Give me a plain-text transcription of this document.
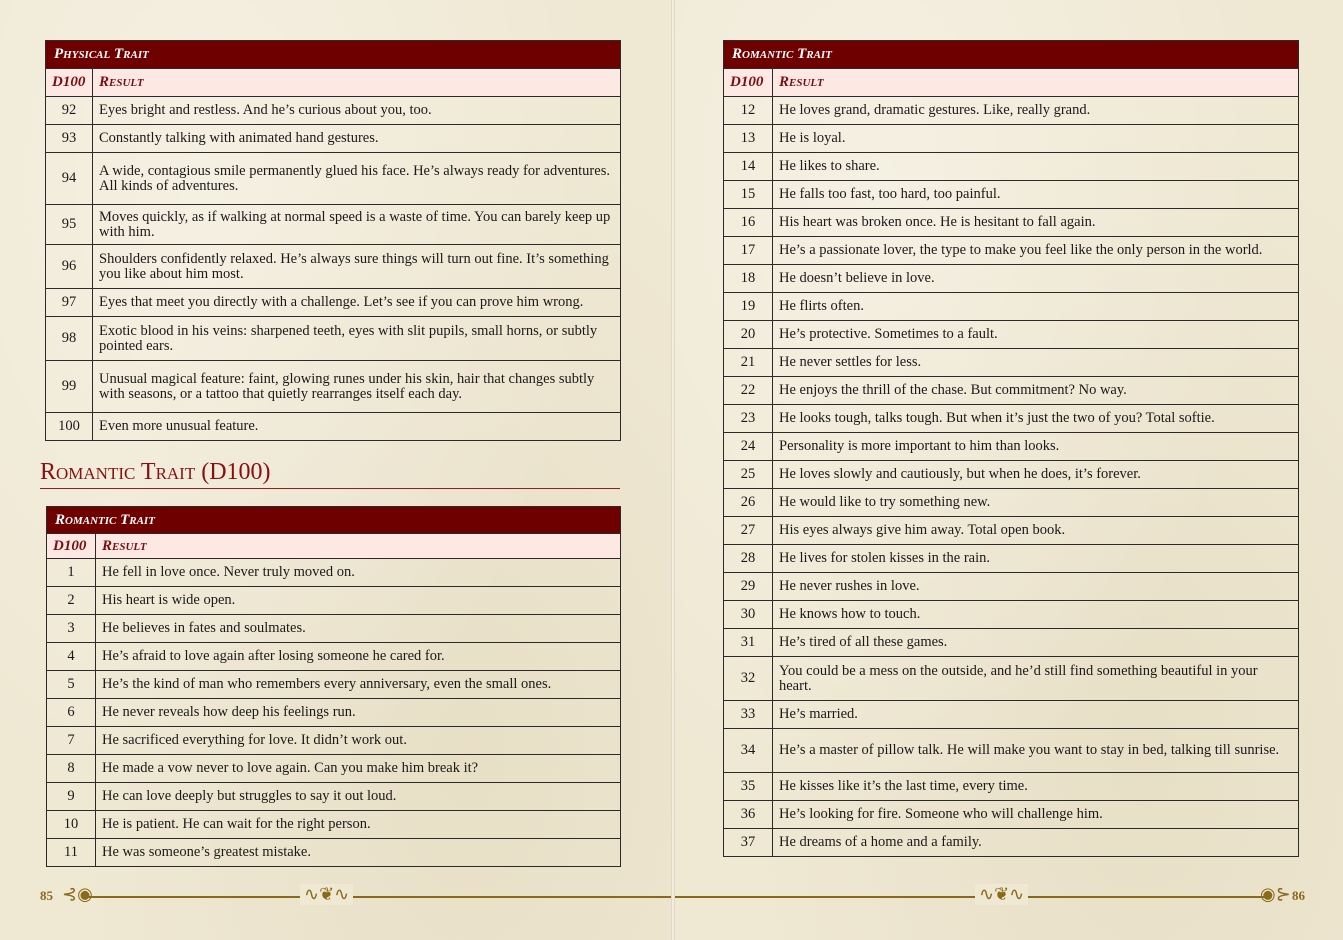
Physical Trait	
D100	Result
92	Eyes bright and restless. And he’s curious about you, too.
93	Constantly talking with animated hand gestures.
94	A wide, contagious smile permanently glued his face. He’s always ready for adventures. All kinds of adventures.
95	Moves quickly, as if walking at normal speed is a waste of time. You can barely keep up with him.
96	Shoulders confidently relaxed. He’s always sure things will turn out fine. It’s something you like about him most.
97	Eyes that meet you directly with a challenge. Let’s see if you can prove him wrong.
98	Exotic blood in his veins: sharpened teeth, eyes with slit pupils, small horns, or subtly pointed ears.
99	Unusual magical feature: faint, glowing runes under his skin, hair that changes subtly with seasons, or a tattoo that quietly rearranges itself each day.
100	Even more unusual feature.
Romantic Trait (D100)
Romantic Trait	
D100	Result
1	He fell in love once. Never truly moved on.
2	His heart is wide open.
3	He believes in fates and soulmates.
4	He’s afraid to love again after losing someone he cared for.
5	He’s the kind of man who remembers every anniversary, even the small ones.
6	He never reveals how deep his feelings run.
7	He sacrificed everything for love. It didn’t work out.
8	He made a vow never to love again. Can you make him break it?
9	He can love deeply but struggles to say it out loud.
10	He is patient. He can wait for the right person.
11	He was someone’s greatest mistake.
85 ⊰◉	∿❦∿
Romantic Trait	
D100	Result
12	He loves grand, dramatic gestures. Like, really grand.
13	He is loyal.
14	He likes to share.
15	He falls too fast, too hard, too painful.
16	His heart was broken once. He is hesitant to fall again.
17	He’s a passionate lover, the type to make you feel like the only person in the world.
18	He doesn’t believe in love.
19	He flirts often.
20	He’s protective. Sometimes to a fault.
21	He never settles for less.
22	He enjoys the thrill of the chase. But commitment? No way.
23	He looks tough, talks tough. But when it’s just the two of you? Total softie.
24	Personality is more important to him than looks.
25	He loves slowly and cautiously, but when he does, it’s forever.
26	He would like to try something new.
27	His eyes always give him away. Total open book.
28	He lives for stolen kisses in the rain.
29	He never rushes in love.
30	He knows how to touch.
31	He’s tired of all these games.
32	You could be a mess on the outside, and he’d still find something beautiful in your heart.
33	He’s married.
34	He’s a master of pillow talk. He will make you want to stay in bed, talking till sunrise.
35	He kisses like it’s the last time, every time.
36	He’s looking for fire. Someone who will challenge him.
37	He dreams of a home and a family.
86
◉⊱
∿❦∿
